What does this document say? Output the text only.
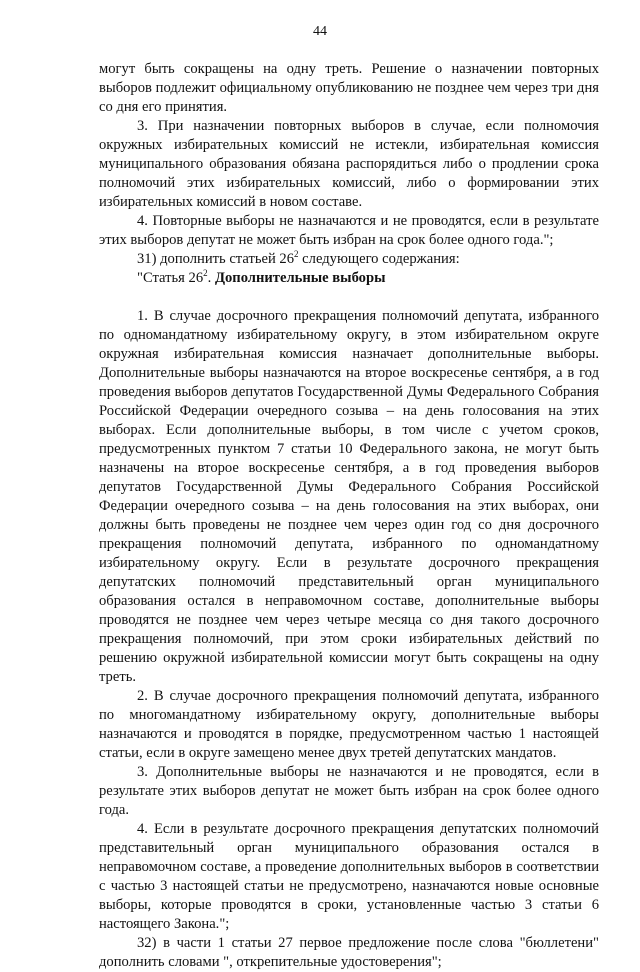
44

могут быть сокращены на одну треть. Решение о назначении повторных выборов подлежит официальному опубликованию не позднее чем через три дня со дня его принятия.

3. При назначении повторных выборов в случае, если полномочия окружных избирательных комиссий не истекли, избирательная комиссия муниципального образования обязана распорядиться либо о продлении срока полномочий этих избирательных комиссий, либо о формировании этих избирательных комиссий в новом составе.

4. Повторные выборы не назначаются и не проводятся, если в результате этих выборов депутат не может быть избран на срок более одного года.";

31) дополнить статьей $26^2$ следующего содержания:

"Статья $26^2$. Дополнительные выборы

1. В случае досрочного прекращения полномочий депутата, избранного по одномандатному избирательному округу, в этом избирательном округе окружная избирательная комиссия назначает дополнительные выборы. Дополнительные выборы назначаются на второе воскресенье сентября, а в год проведения выборов депутатов Государственной Думы Федерального Собрания Российской Федерации очередного созыва – на день голосования на этих выборах. Если дополнительные выборы, в том числе с учетом сроков, предусмотренных пунктом 7 статьи 10 Федерального закона, не могут быть назначены на второе воскресенье сентября, а в год проведения выборов депутатов Государственной Думы Федерального Собрания Российской Федерации очередного созыва – на день голосования на этих выборах, они должны быть проведены не позднее чем через один год со дня досрочного прекращения полномочий депутата, избранного по одномандатному избирательному округу. Если в результате досрочного прекращения депутатских полномочий представительный орган муниципального образования остался в неправомочном составе, дополнительные выборы проводятся не позднее чем через четыре месяца со дня такого досрочного прекращения полномочий, при этом сроки избирательных действий по решению окружной избирательной комиссии могут быть сокращены на одну треть.

2. В случае досрочного прекращения полномочий депутата, избранного по многомандатному избирательному округу, дополнительные выборы назначаются и проводятся в порядке, предусмотренном частью 1 настоящей статьи, если в округе замещено менее двух третей депутатских мандатов.

3. Дополнительные выборы не назначаются и не проводятся, если в результате этих выборов депутат не может быть избран на срок более одного года.

4. Если в результате досрочного прекращения депутатских полномочий представительный орган муниципального образования остался в неправомочном составе, а проведение дополнительных выборов в соответствии с частью 3 настоящей статьи не предусмотрено, назначаются новые основные выборы, которые проводятся в сроки, установленные частью 3 статьи 6 настоящего Закона.";

32) в части 1 статьи 27 первое предложение после слова "бюллетени" дополнить словами ", открепительные удостоверения";
